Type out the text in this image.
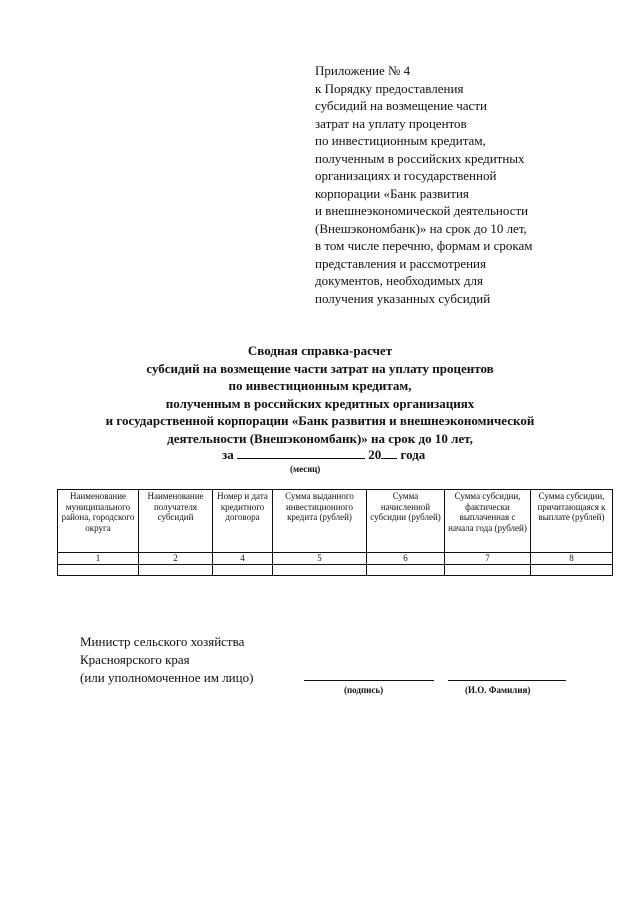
Приложение № 4
к Порядку предоставления
субсидий на возмещение части
затрат на уплату процентов
по инвестиционным кредитам,
полученным в российских кредитных
организациях и государственной
корпорации «Банк развития
и внешнеэкономической деятельности
(Внешэкономбанк)» на срок до 10 лет,
в том числе перечню, формам и срокам
представления и рассмотрения
документов, необходимых для
получения указанных субсидий
Сводная справка-расчет
субсидий на возмещение части затрат на уплату процентов
по инвестиционным кредитам,
полученным в российских кредитных организациях
и государственной корпорации «Банк развития и внешнеэкономической
деятельности (Внешэкономбанк)» на срок до 10 лет,
за	20 года
(месяц)
Наименование муниципального района, городского округа	Наименование получателя субсидий	Номер и дата кредитного договора	Сумма выданного инвестиционного кредита (рублей)	Сумма начисленной субсидии (рублей)	Сумма субсидии, фактически выплаченная с начала года (рублей)	Сумма субсидии, причитающаяся к выплате (рублей)
1	2	4	5	6	7	8

Министр сельского хозяйства
Красноярского края
(или уполномоченное им лицо)
(подпись)	(И.О. Фамилия)
